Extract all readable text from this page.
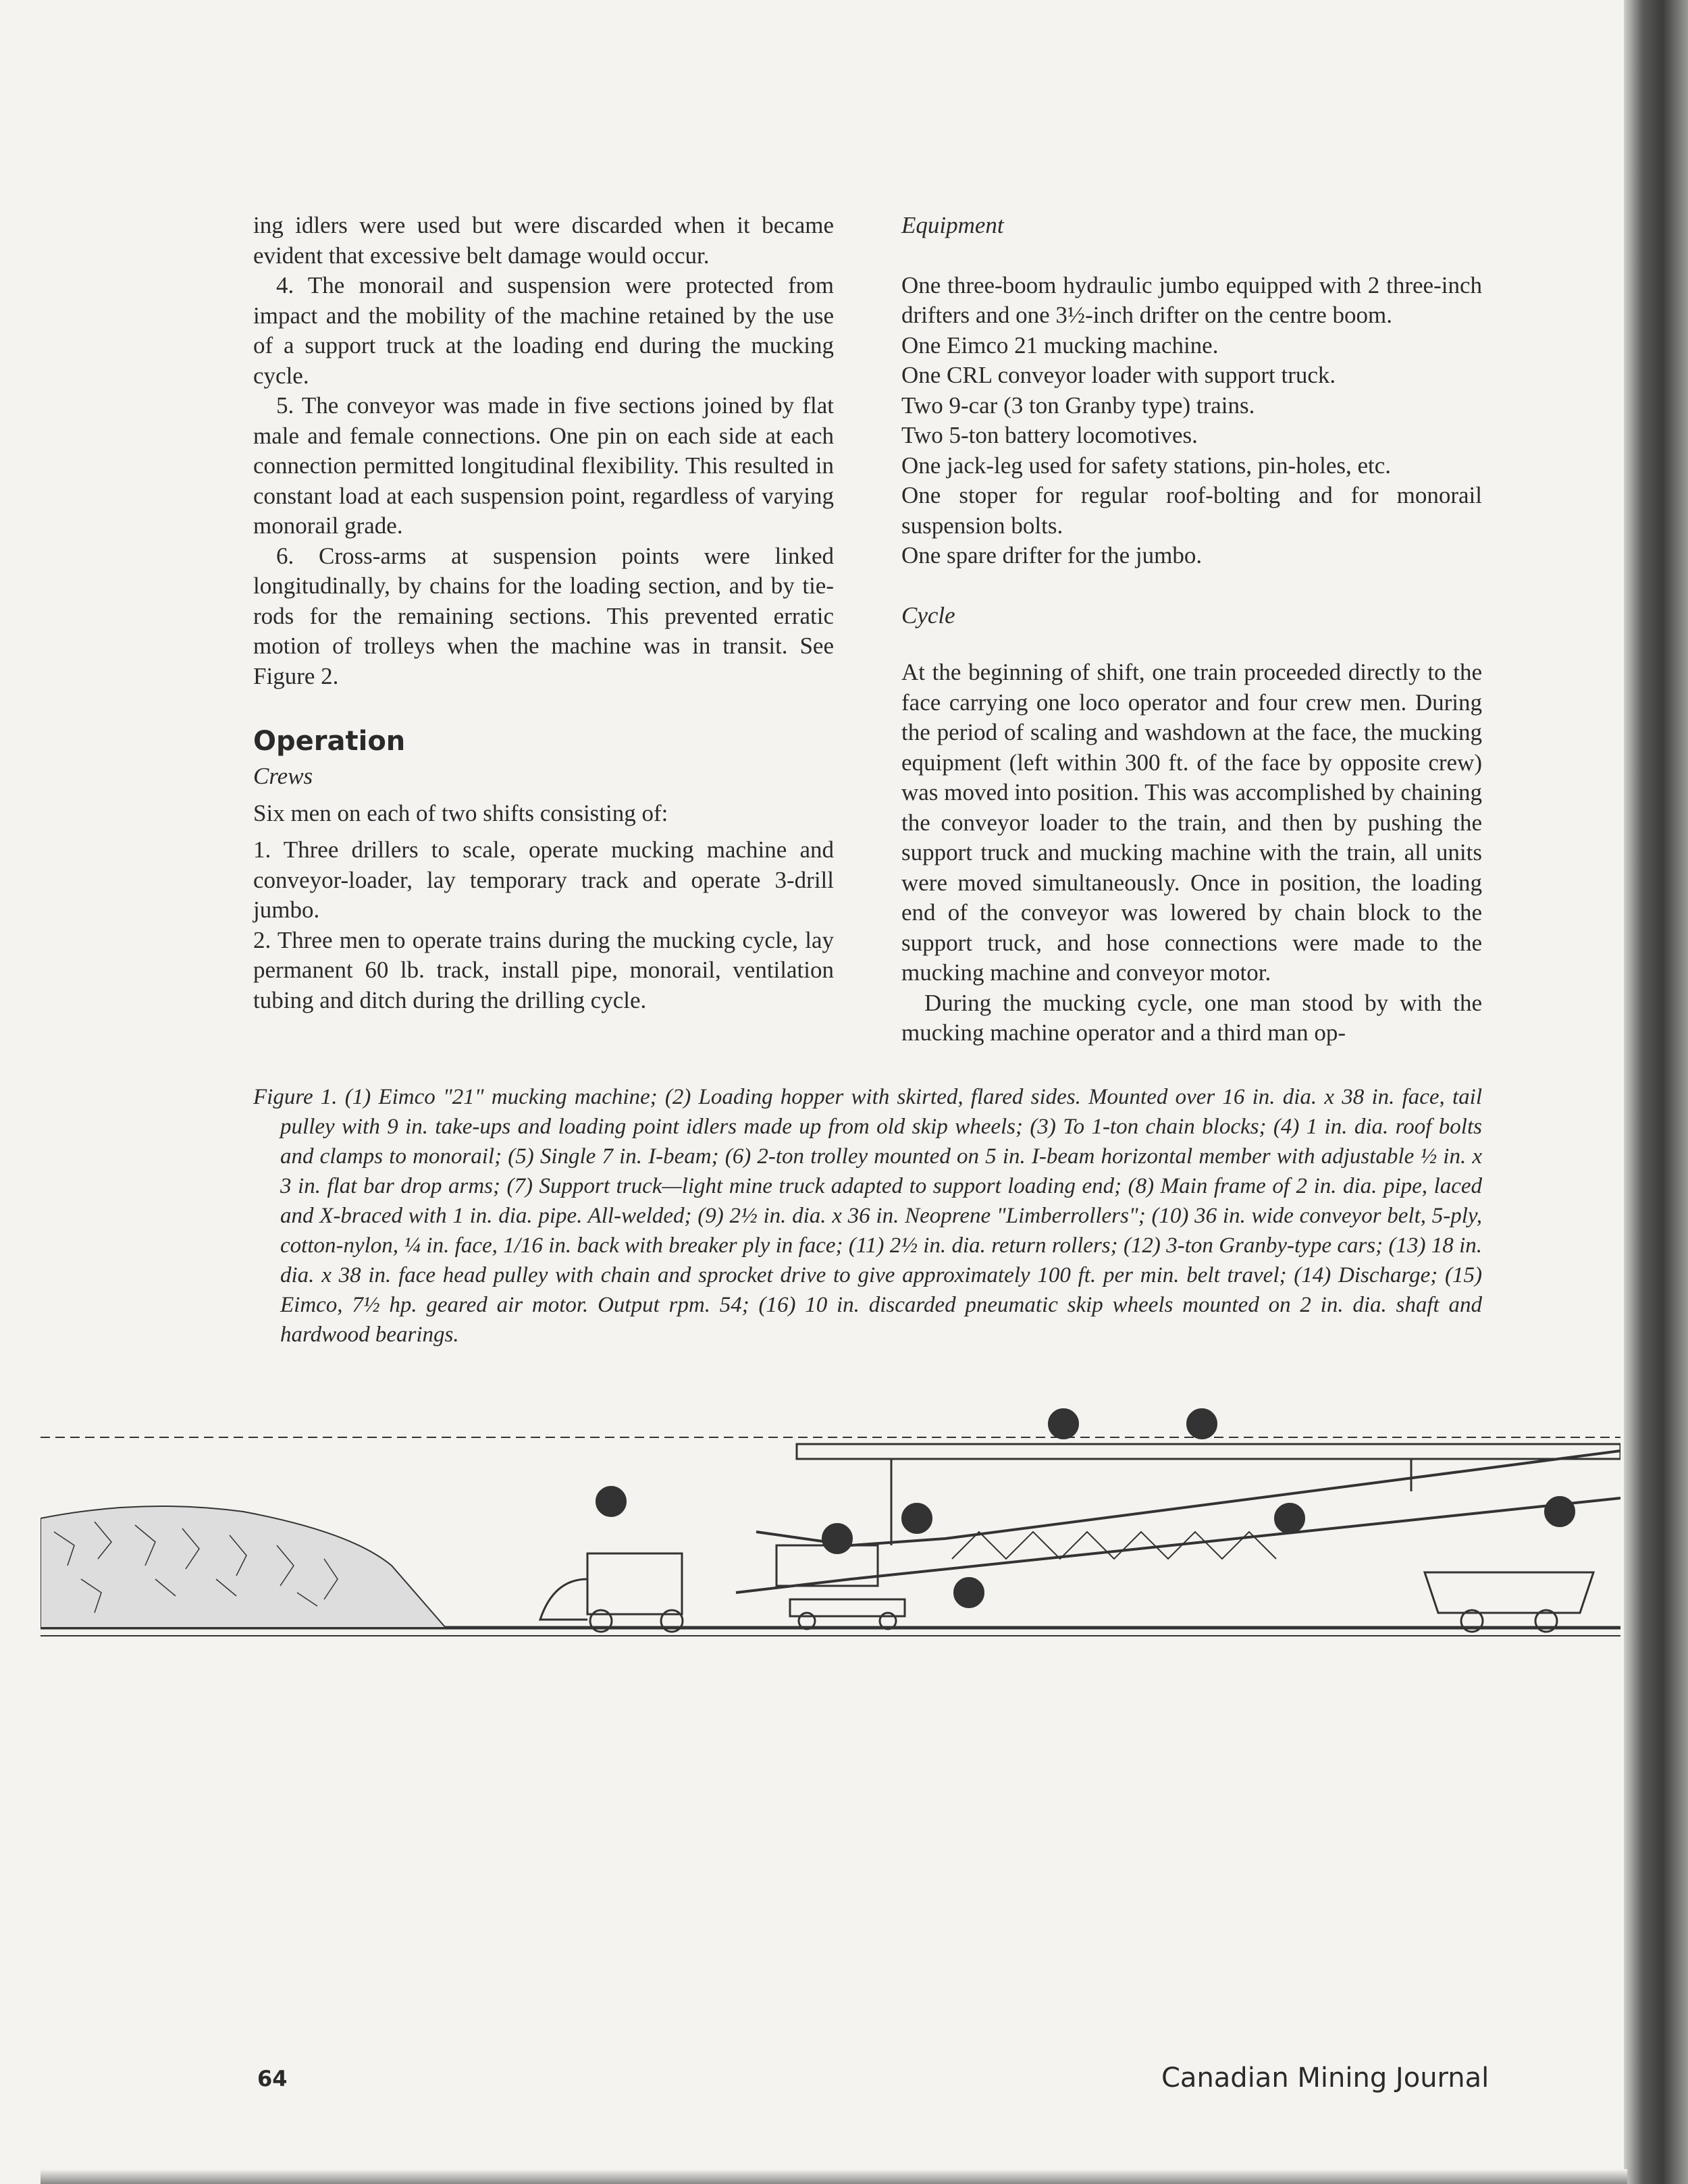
ing idlers were used but were discarded when it became evident that excessive belt damage would occur.

4. The monorail and suspension were protected from impact and the mobility of the machine retained by the use of a support truck at the loading end during the mucking cycle.

5. The conveyor was made in five sections joined by flat male and female connections. One pin on each side at each connection permitted longitudinal flexibility. This resulted in constant load at each suspension point, regardless of varying monorail grade.

6. Cross-arms at suspension points were linked longitudinally, by chains for the loading section, and by tie-rods for the remaining sections. This prevented erratic motion of trolleys when the machine was in transit. See Figure 2.

Operation

Crews

Six men on each of two shifts consisting of:

1. Three drillers to scale, operate mucking machine and conveyor-loader, lay temporary track and operate 3-drill jumbo.

2. Three men to operate trains during the mucking cycle, lay permanent 60 lb. track, install pipe, monorail, ventilation tubing and ditch during the drilling cycle.

Equipment

One three-boom hydraulic jumbo equipped with 2 three-inch drifters and one 3½-inch drifter on the centre boom.

One Eimco 21 mucking machine.

One CRL conveyor loader with support truck.

Two 9-car (3 ton Granby type) trains.

Two 5-ton battery locomotives.

One jack-leg used for safety stations, pin-holes, etc.

One stoper for regular roof-bolting and for monorail suspension bolts.

One spare drifter for the jumbo.

Cycle

At the beginning of shift, one train proceeded directly to the face carrying one loco operator and four crew men. During the period of scaling and washdown at the face, the mucking equipment (left within 300 ft. of the face by opposite crew) was moved into position. This was accomplished by chaining the conveyor loader to the train, and then by pushing the support truck and mucking machine with the train, all units were moved simultaneously. Once in position, the loading end of the conveyor was lowered by chain block to the support truck, and hose connections were made to the mucking machine and conveyor motor.

During the mucking cycle, one man stood by with the mucking machine operator and a third man op-

Figure 1. (1) Eimco "21" mucking machine; (2) Loading hopper with skirted, flared sides. Mounted over 16 in. dia. x 38 in. face, tail pulley with 9 in. take-ups and loading point idlers made up from old skip wheels; (3) To 1-ton chain blocks; (4) 1 in. dia. roof bolts and clamps to monorail; (5) Single 7 in. I-beam; (6) 2-ton trolley mounted on 5 in. I-beam horizontal member with adjustable ½ in. x 3 in. flat bar drop arms; (7) Support truck—light mine truck adapted to support loading end; (8) Main frame of 2 in. dia. pipe, laced and X-braced with 1 in. dia. pipe. All-welded; (9) 2½ in. dia. x 36 in. Neoprene "Limberrollers"; (10) 36 in. wide conveyor belt, 5-ply, cotton-nylon, ¼ in. face, 1/16 in. back with breaker ply in face; (11) 2½ in. dia. return rollers; (12) 3-ton Granby-type cars; (13) 18 in. dia. x 38 in. face head pulley with chain and sprocket drive to give approximately 100 ft. per min. belt travel; (14) Discharge; (15) Eimco, 7½ hp. geared air motor. Output rpm. 54; (16) 10 in. discarded pneumatic skip wheels mounted on 2 in. dia. shaft and hardwood bearings.

1
2
3
4	5
6
7
8
64	Canadian Mining Journal
